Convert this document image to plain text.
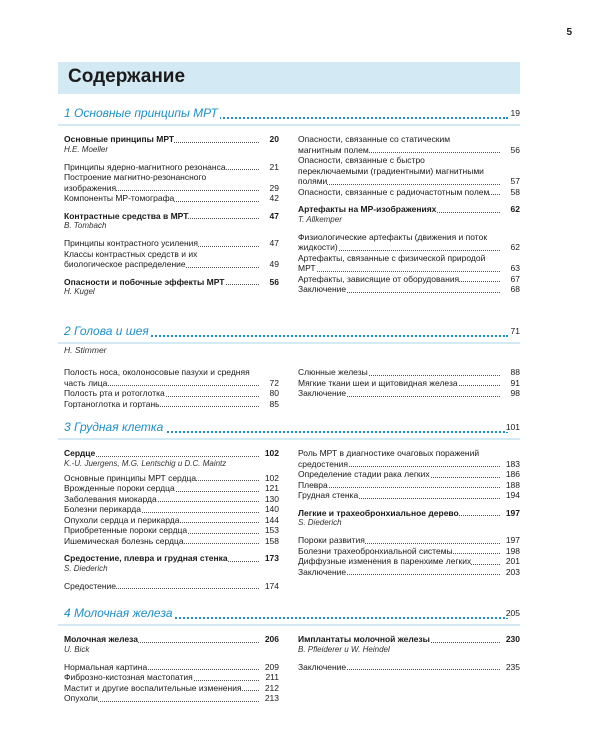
5
Содержание
1 Основные принципы МРТ	19
Основные принципы МРТ	20
H.E. Moeller
Принципы ядерно-магнитного резонанса	21
Построение магнитно-резонансного изображения	29
Компоненты МР-томографа	42
Контрастные средства в МРТ	47
B. Tombach
Принципы контрастного усиления	47
Классы контрастных средств и их биологическое распределение	49
Опасности и побочные эффекты МРТ	56
H. Kugel
Опасности, связанные со статическим магнитным полем	56
Опасности, связанные с быстро переключаемыми (градиентными) магнитными полями	57
Опасности, связанные с радиочастотным полем	58
Артефакты на МР-изображениях	62
T. Allkemper
Физиологические артефакты (движения и поток жидкости)	62
Артефакты, связанные с физической природой МРТ	63
Артефакты, зависящие от оборудования	67
Заключение	68
2 Голова и шея	71
H. Stimmer
Полость носа, околоносовые пазухи и средняя часть лица	72
Полость рта и ротоглотка	80
Гортаноглотка и гортань	85
Слюнные железы	88
Мягкие ткани шеи и щитовидная железа	91
Заключение	98
3 Грудная клетка	101
Сердце	102
K.-U. Juergens, M.G. Lentschig и D.C. Maintz
Основные принципы МРТ сердца	102
Врожденные пороки сердца	121
Заболевания миокарда	130
Болезни перикарда	140
Опухоли сердца и перикарда	144
Приобретенные пороки сердца	153
Ишемическая болезнь сердца	158
Средостение, плевра и грудная стенка	173
S. Diederich
Средостение	174
Роль МРТ в диагностике очаговых поражений средостения	183
Определение стадии рака легких	186
Плевра	188
Грудная стенка	194
Легкие и трахеобронхиальное дерево	197
S. Diederich
Пороки развития	197
Болезни трахеобронхиальной системы	198
Диффузные изменения в паренхиме легких	201
Заключение	203
4 Молочная железа	205
Молочная железа	206
U. Bick
Нормальная картина	209
Фиброзно-кистозная мастопатия	211
Мастит и другие воспалительные изменения	212
Опухоли	213
Имплантаты молочной железы	230
B. Pfleiderer и W. Heindel
Заключение	235
